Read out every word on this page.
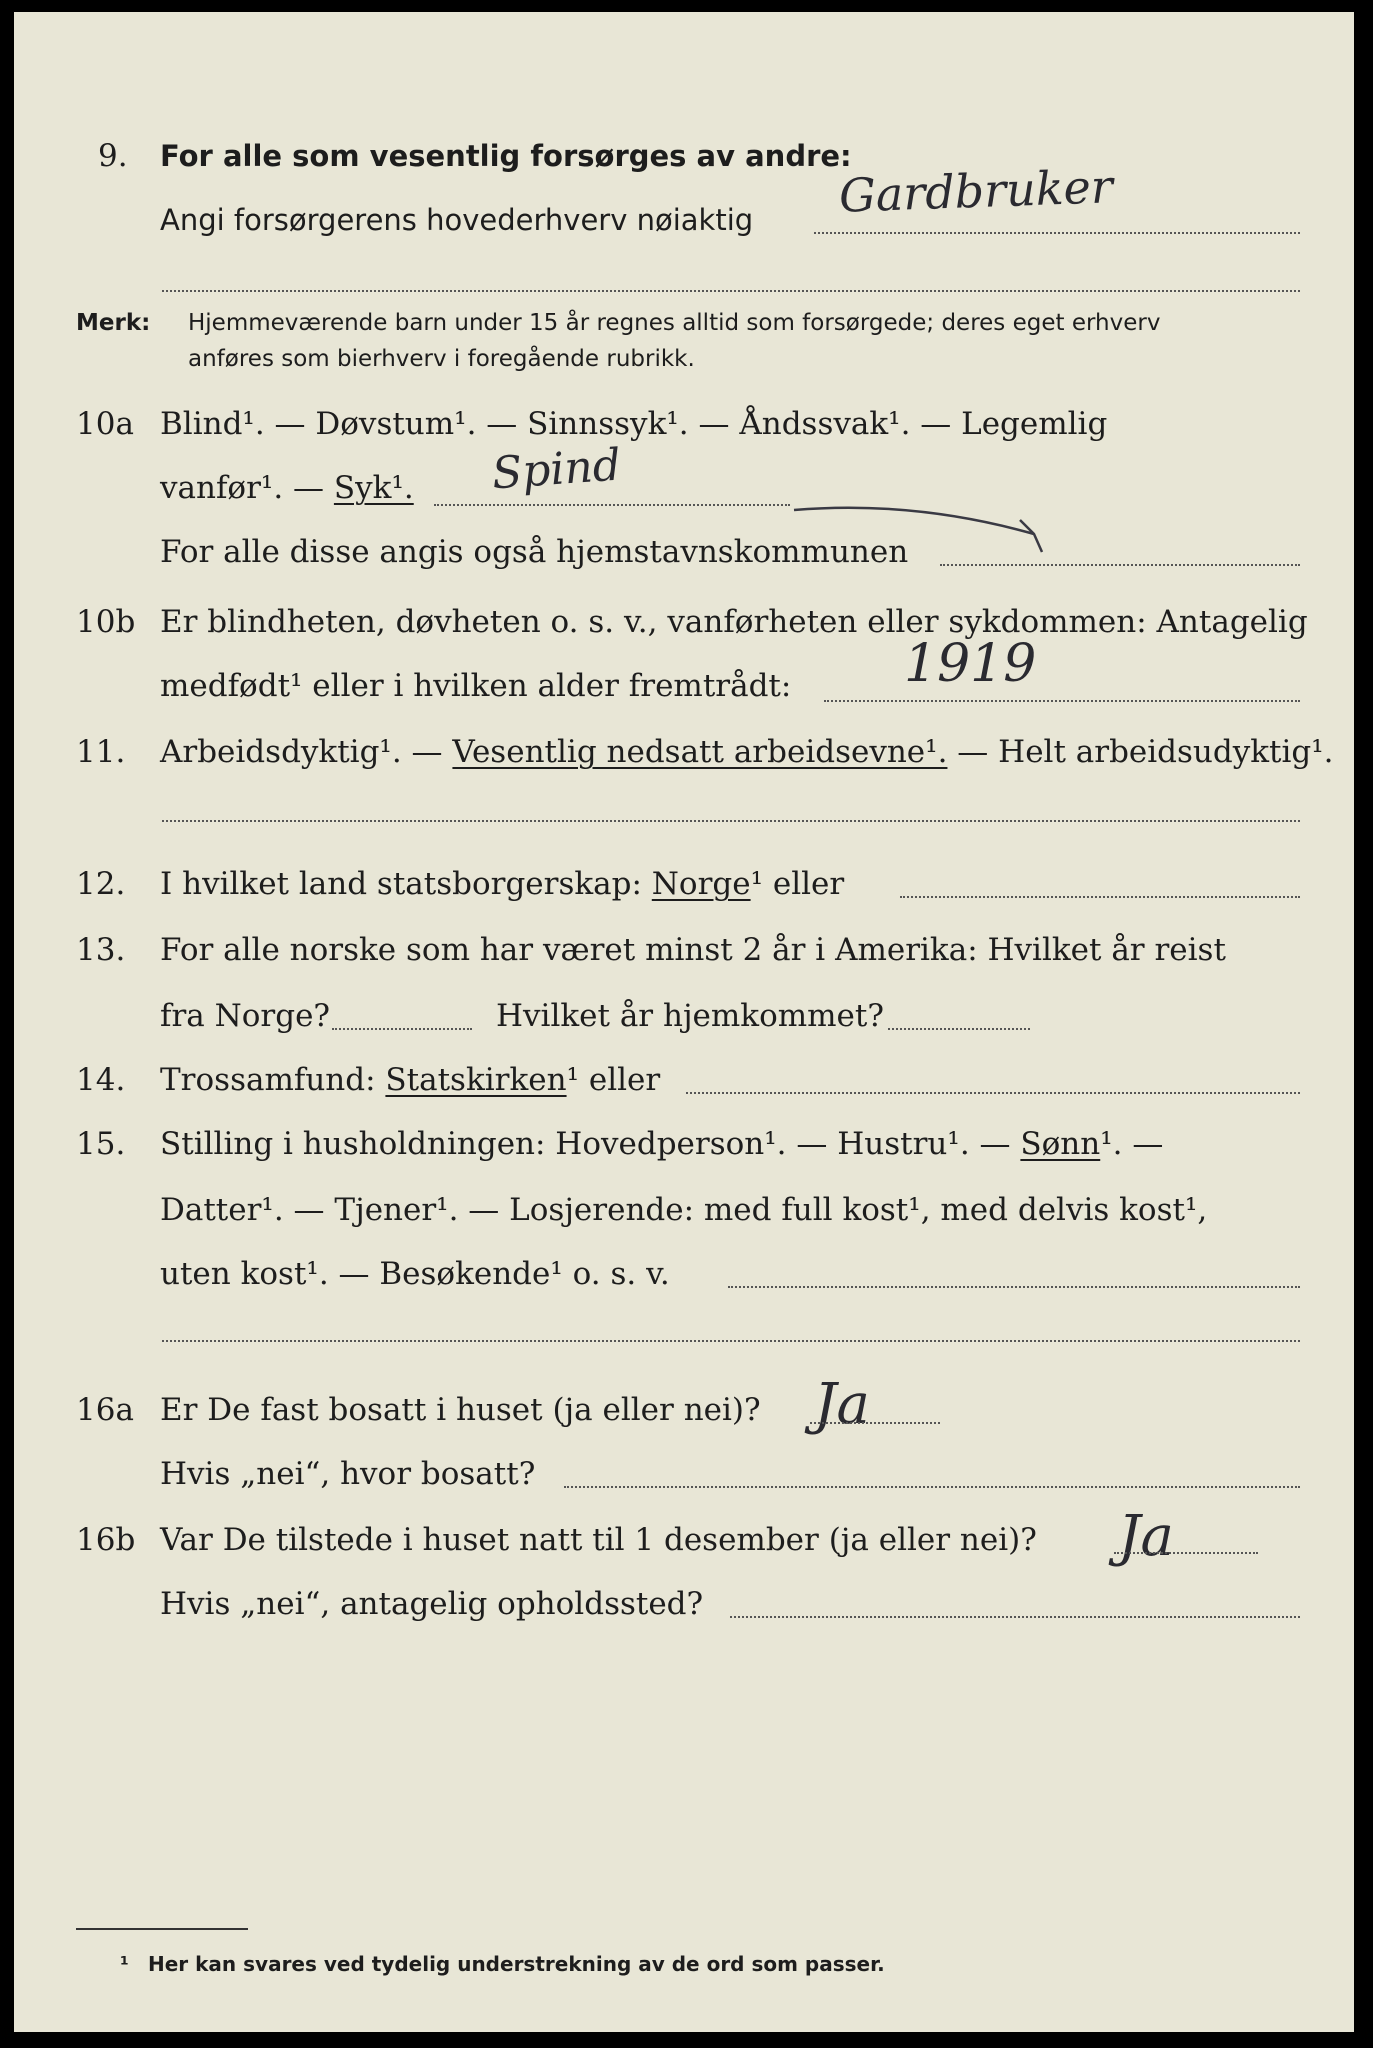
9. For alle som vesentlig forsørges av andre:
Gardbruker
Angi forsørgerens hovederhverv nøiaktig
Merk: Hjemmeværende barn under 15 år regnes alltid som forsørgede; deres eget erhverv
anføres som bierhverv i foregående rubrikk.
10a Blind¹. — Døvstum¹. — Sinnssyk¹. — Åndssvak¹. — Legemlig
vanfør¹. — Syk¹. Spind
For alle disse angis også hjemstavnskommunen
10b Er blindheten, døvheten o. s. v., vanførheten eller sykdommen: Antagelig
medfødt¹ eller i hvilken alder fremtrådt: 1919
11. Arbeidsdyktig¹. — Vesentlig nedsatt arbeidsevne¹. — Helt arbeidsudyktig¹.
12. I hvilket land statsborgerskap: Norge¹ eller
13. For alle norske som har været minst 2 år i Amerika: Hvilket år reist
fra Norge?	Hvilket år hjemkommet?
14. Trossamfund: Statskirken¹ eller
15. Stilling i husholdningen: Hovedperson¹. — Hustru¹. — Sønn¹. —
Datter¹. — Tjener¹. — Losjerende: med full kost¹, med delvis kost¹,
uten kost¹. — Besøkende¹ o. s. v.
16a Er De fast bosatt i huset (ja eller nei)? Ja
Hvis „nei“, hvor bosatt?
16b Var De tilstede i huset natt til 1 desember (ja eller nei)? Ja
Hvis „nei“, antagelig opholdssted?
¹ Her kan svares ved tydelig understrekning av de ord som passer.
